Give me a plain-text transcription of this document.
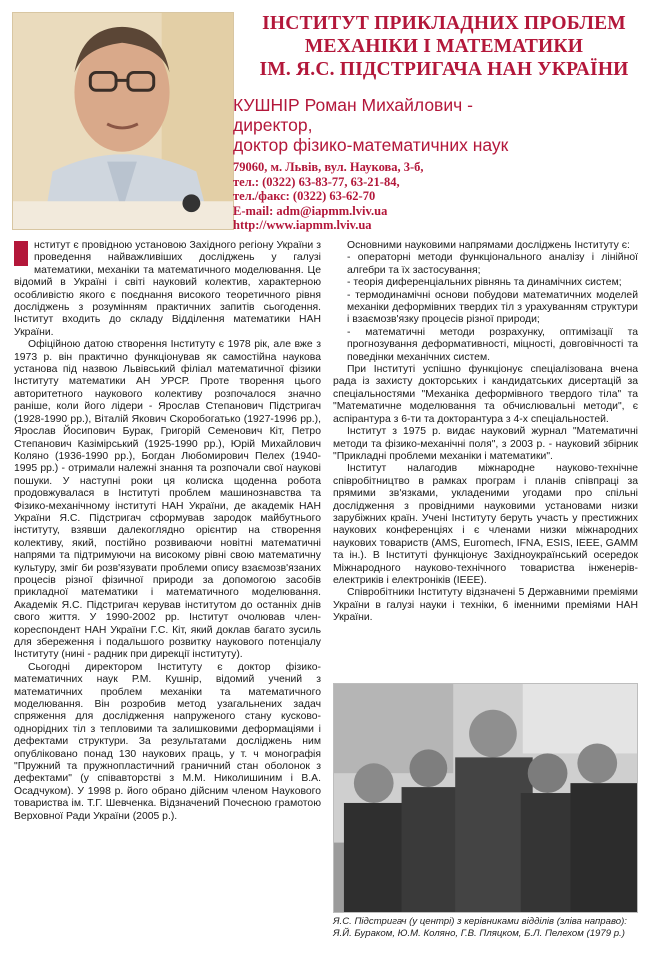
ІНСТИТУТ ПРИКЛАДНИХ ПРОБЛЕМ
МЕХАНІКИ І МАТЕМАТИКИ
ІМ. Я.С. ПІДСТРИГАЧА НАН УКРАЇНИ
КУШНІР Роман Михайлович -
директор,
доктор фізико-математичних наук
79060, м. Львів, вул. Наукова, 3-б,
тел.: (0322) 63-83-77, 63-21-84,
тел./факс: (0322) 63-62-70
E-mail: adm@iapmm.lviv.ua
http://www.iapmm.lviv.ua

нститут є провідною установою Західного регіону України з проведення найважливіших досліджень у галузі математики, механіки та математичного моделювання. Це відомий в Україні і світі науковий колектив, характерною особливістю якого є поєднання високого теоретичного рівня досліджень з розумінням практичних запитів сьогодення. Інститут входить до складу Відділення математики НАН України.

Офіційною датою створення Інституту є 1978 рік, але вже з 1973 р. він практично функціонував як самостійна наукова установа під назвою Львівський філіал математичної фізики Інституту математики АН УРСР. Проте творення цього авторитетного наукового колективу розпочалося значно раніше, коли його лідери - Ярослав Степанович Підстригач (1928-1990 рр.), Віталій Якович Скоробогатько (1927-1996 рр.), Ярослав Йосипович Бурак, Григорій Семенович Кіт, Петро Степанович Казімірський (1925-1990 рр.), Юрій Михайлович Коляно (1936-1990 рр.), Богдан Любомирович Пелех (1940-1995 рр.) - отримали належні знання та розпочали свої наукові пошуки. У наступні роки ця колиска щоденна робота продовжувалася в Інституті проблем машинознавства та Фізико-механічному інституті НАН України, де академік НАН України Я.С. Підстригач сформував зародок майбутнього інституту, взявши далекоглядно орієнтир на створення колективу, який, постійно розвиваючи новітні математичні напрями та підтримуючи на високому рівні свою математичну культуру, зміг би розв'язувати проблеми опису взаємозв'язаних процесів різної фізичної природи за допомогою засобів прикладної математики і математичного моделювання. Академік Я.С. Підстригач керував інститутом до останніх днів свого життя. У 1990-2002 рр. Інститут очолював член-кореспондент НАН України Г.С. Кіт, який доклав багато зусиль для збереження і подальшого розвитку наукового потенціалу Інституту (нині - радник при дирекції інституту).

Сьогодні директором Інституту є доктор фізико-математичних наук Р.М. Кушнір, відомий учений з математичних проблем механіки та математичного моделювання. Він розробив метод узагальнених задач спряження для дослідження напруженого стану кусково-однорідних тіл з тепловими та залишковими деформаціями і дефектами структури. За результатами досліджень ним опубліковано понад 130 наукових праць, у т. ч монографія "Пружний та пружнопластичний граничний стан оболонок з дефектами" (у співавторстві з М.М. Николишиним і В.А. Осадчуком). У 1998 р. його обрано дійсним членом Наукового товариства ім. Т.Г. Шевченка. Відзначений Почесною грамотою Верховної Ради України (2005 р.).

Основними науковими напрямами досліджень Інституту є:

- операторні методи функціонального аналізу і лінійної алгебри та їх застосування;

- теорія диференціальних рівнянь та динамічних систем;

- термодинамічні основи побудови математичних моделей механіки деформівних твердих тіл з урахуванням структури і взаємозв'язку процесів різної природи;

- математичні методи розрахунку, оптимізації та прогнозування деформативності, міцності, довговічності та поведінки механічних систем.

При Інституті успішно функціонує спеціалізована вчена рада із захисту докторських і кандидатських дисертацій за спеціальностями "Механіка деформівного твердого тіла" та "Математичне моделювання та обчислювальні методи", є аспірантура з 6-ти та докторантура з 4-х спеціальностей.

Інститут з 1975 р. видає науковий журнал "Математичні методи та фізико-механічні поля", з 2003 р. - науковий збірник "Прикладні проблеми механіки і математики".

Інститут налагодив міжнародне науково-технічне співробітництво в рамках програм і планів співпраці за прямими зв'язками, укладеними угодами про спільні дослідження з провідними науковими установами низки зарубіжних країн. Учені Інституту беруть участь у престижних наукових конференціях і є членами низки міжнародних наукових товариств (AMS, Euromech, IFNA, ESIS, IEEE, GAMM та ін.). В Інституті функціонує Західноукраїнський осередок Міжнародного науково-технічного товариства інженерів-електриків і електроніків (IEEE).

Співробітники Інституту відзначені 5 Державними преміями України в галузі науки і техніки, 6 іменними преміями НАН України.

Я.С. Підстригач (у центрі) з керівниками відділів (зліва направо): Я.Й. Бураком, Ю.М. Коляно, Г.В. Пляцком, Б.Л. Пелехом (1979 р.)
